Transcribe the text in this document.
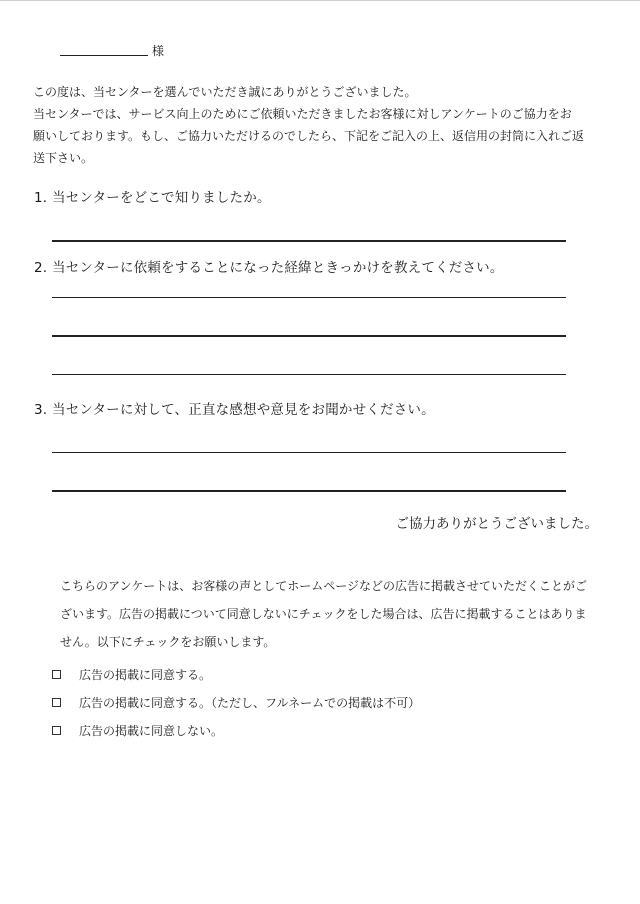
様

この度は、当センターを選んでいただき誠にありがとうございました。

当センターでは、サービス向上のためにご依頼いただきましたお客様に対しアンケートのご協力をお

願いしております。もし、ご協力いただけるのでしたら、下記をご記入の上、返信用の封筒に入れご返

送下さい。

1. 当センターをどこで知りましたか。
2. 当センターに依頼をすることになった経緯ときっかけを教えてください。
3. 当センターに対して、正直な感想や意見をお聞かせください。
ご協力ありがとうございました。

こちらのアンケートは、お客様の声としてホームページなどの広告に掲載させていただくことがご

ざいます。広告の掲載について同意しないにチェックをした場合は、広告に掲載することはありま

せん。以下にチェックをお願いします。

広告の掲載に同意する。
広告の掲載に同意する。（ただし、フルネームでの掲載は不可）
広告の掲載に同意しない。
